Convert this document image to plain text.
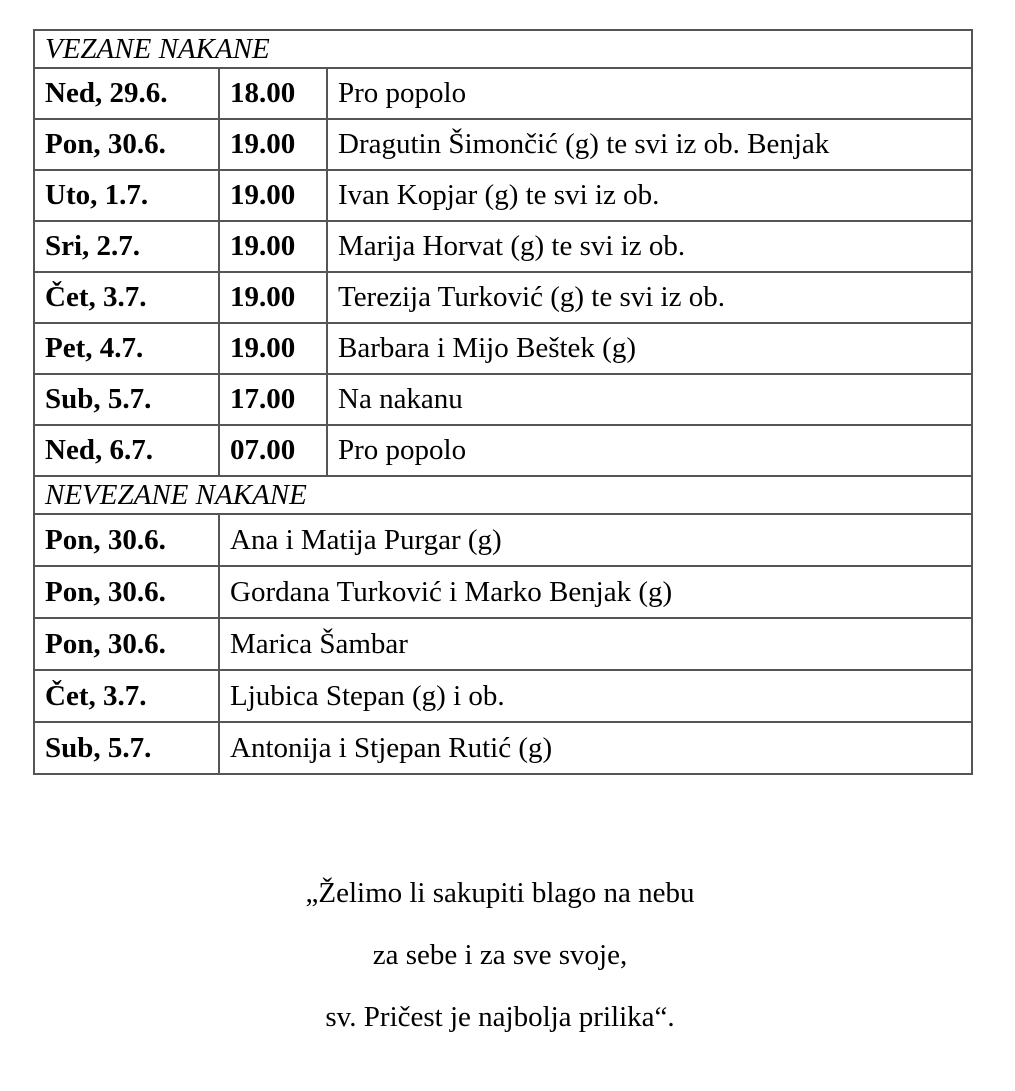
VEZANE NAKANE		
Ned, 29.6.	18.00	Pro popolo
Pon, 30.6.	19.00	Dragutin Šimončić (g) te svi iz ob. Benjak
Uto, 1.7.	19.00	Ivan Kopjar (g) te svi iz ob.
Sri, 2.7.	19.00	Marija Horvat (g) te svi iz ob.
Čet, 3.7.	19.00	Terezija Turković (g) te svi iz ob.
Pet, 4.7.	19.00	Barbara i Mijo Beštek (g)
Sub, 5.7.	17.00	Na nakanu
Ned, 6.7.	07.00	Pro popolo
NEVEZANE NAKANE		
Pon, 30.6.	Ana i Matija Purgar (g)	
Pon, 30.6.	Gordana Turković i Marko Benjak (g)	
Pon, 30.6.	Marica Šambar	
Čet, 3.7.	Ljubica Stepan (g) i ob.	
Sub, 5.7.	Antonija i Stjepan Rutić (g)	
„Želimo li sakupiti blago na nebu
za sebe i za sve svoje,
sv. Pričest je najbolja prilika“.
